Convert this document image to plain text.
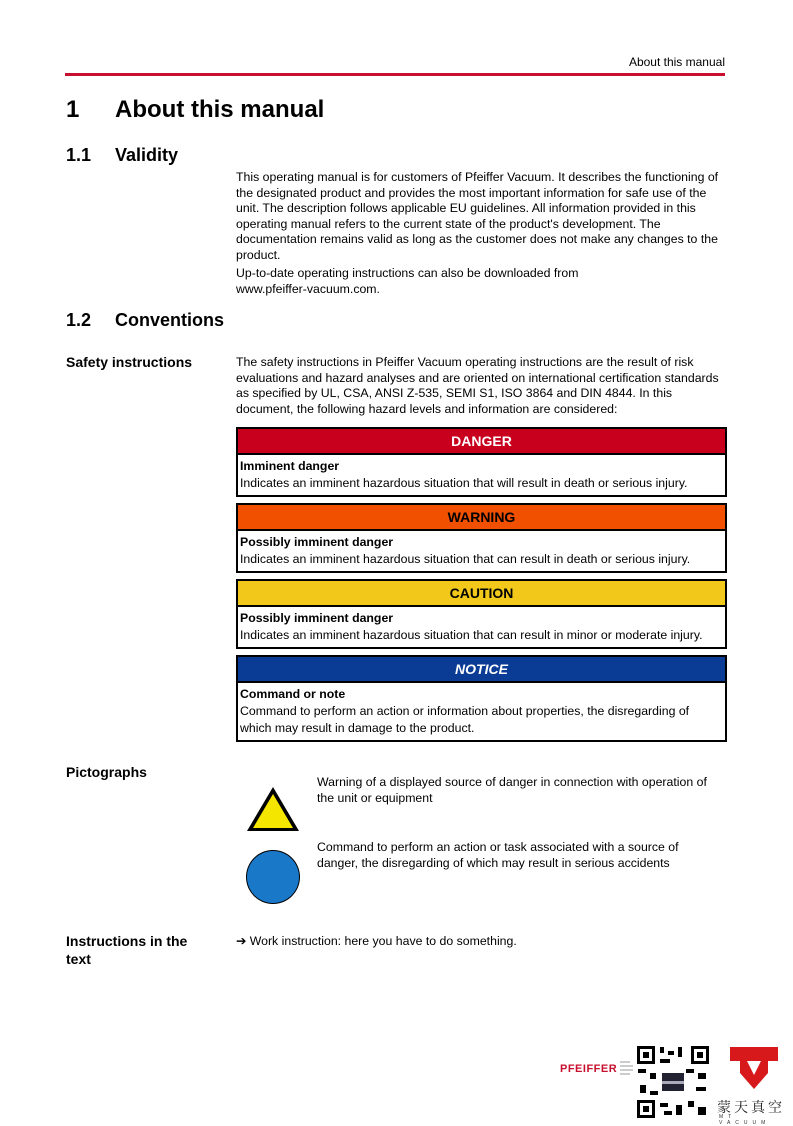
About this manual
1 About this manual
1.1 Validity

This operating manual is for customers of Pfeiffer Vacuum. It describes the functioning of the designated product and provides the most important information for safe use of the unit. The description follows applicable EU guidelines. All information provided in this operating manual refers to the current state of the product's development. The documentation remains valid as long as the customer does not make any changes to the product.

Up-to-date operating instructions can also be downloaded from www.pfeiffer-vacuum.com.

1.2 Conventions
Safety instructions	The safety instructions in Pfeiffer Vacuum operating instructions are the result of risk evaluations and hazard analyses and are oriented on international certification standards as specified by UL, CSA, ANSI Z-535, SEMI S1, ISO 3864 and DIN 4844. In this document, the following hazard levels and information are considered:
DANGER
Imminent danger
Indicates an imminent hazardous situation that will result in death or serious injury.
WARNING
Possibly imminent danger
Indicates an imminent hazardous situation that can result in death or serious injury.
CAUTION
Possibly imminent danger
Indicates an imminent hazardous situation that can result in minor or moderate injury.
NOTICE
Command or note
Command to perform an action or information about properties, the disregarding of which may result in damage to the product.
Pictographs
Warning of a displayed source of danger in connection with operation of the unit or equipment
Command to perform an action or task associated with a source of danger, the disregarding of which may result in serious accidents
Instructions in the text
➔ Work instruction: here you have to do something.
PFEIFFER
蒙天真空
MT VACUUM
